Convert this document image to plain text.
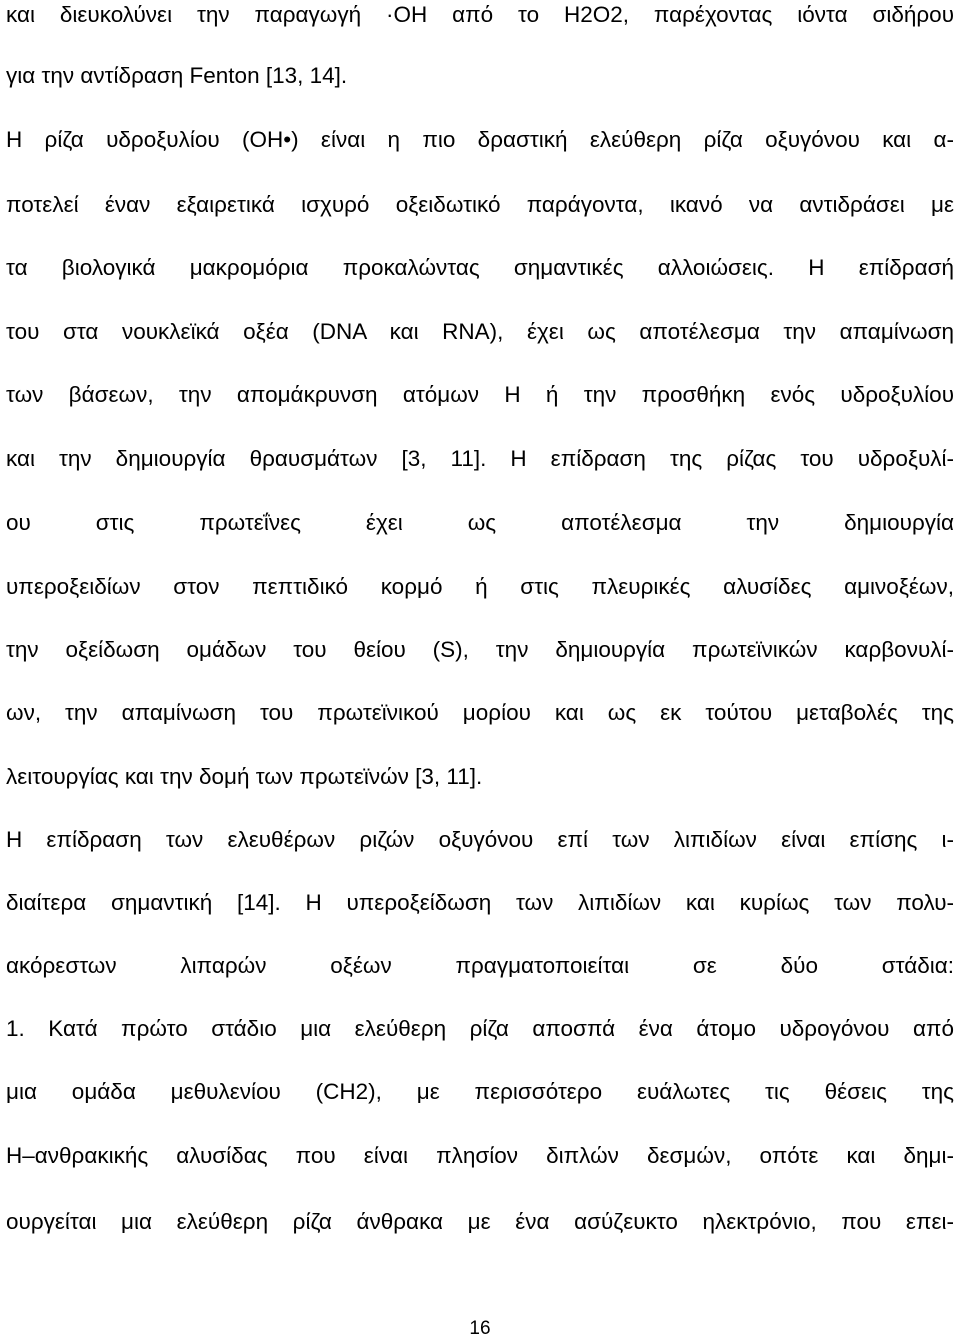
και διευκολύνει την παραγωγή ·ΟΗ από το Η2Ο2, παρέχοντας ιόντα σιδήρου
για την αντίδραση Fenton [13, 14].
Η ρίζα υδροξυλίου (ΟΗ•) είναι η πιο δραστική ελεύθερη ρίζα οξυγόνου και α-
ποτελεί έναν εξαιρετικά ισχυρό οξειδωτικό παράγοντα, ικανό να αντιδράσει με
τα βιολογικά μακρομόρια προκαλώντας σημαντικές αλλοιώσεις. Η επίδρασή
του στα νουκλεϊκά οξέα (DNA και RNA), έχει ως αποτέλεσμα την απαμίνωση
των βάσεων, την απομάκρυνση ατόμων Η ή την προσθήκη ενός υδροξυλίου
και την δημιουργία θραυσμάτων [3, 11]. Η επίδραση της ρίζας του υδροξυλί-
ου στις πρωτεΐνες έχει ως αποτέλεσμα την δημιουργία
υπεροξειδίων στον πεπτιδικό κορμό ή στις πλευρικές αλυσίδες αμινοξέων,
την οξείδωση ομάδων του θείου (S), την δημιουργία πρωτεϊνικών καρβονυλί-
ων, την απαμίνωση του πρωτεϊνικού μορίου και ως εκ τούτου μεταβολές της
λειτουργίας και την δομή των πρωτεϊνών [3, 11].
Η επίδραση των ελευθέρων ριζών οξυγόνου επί των λιπιδίων είναι επίσης ι-
διαίτερα σημαντική [14]. Η υπεροξείδωση των λιπιδίων και κυρίως των πολυ-
ακόρεστων λιπαρών οξέων πραγματοποιείται σε δύο στάδια:
1. Κατά πρώτο στάδιο μια ελεύθερη ρίζα αποσπά ένα άτομο υδρογόνου από
μια ομάδα μεθυλενίου (CH2), με περισσότερο ευάλωτες τις θέσεις της
H–ανθρακικής αλυσίδας που είναι πλησίον διπλών δεσμών, οπότε και δημι-
ουργείται μια ελεύθερη ρίζα άνθρακα με ένα ασύζευκτο ηλεκτρόνιο, που επει-
16
